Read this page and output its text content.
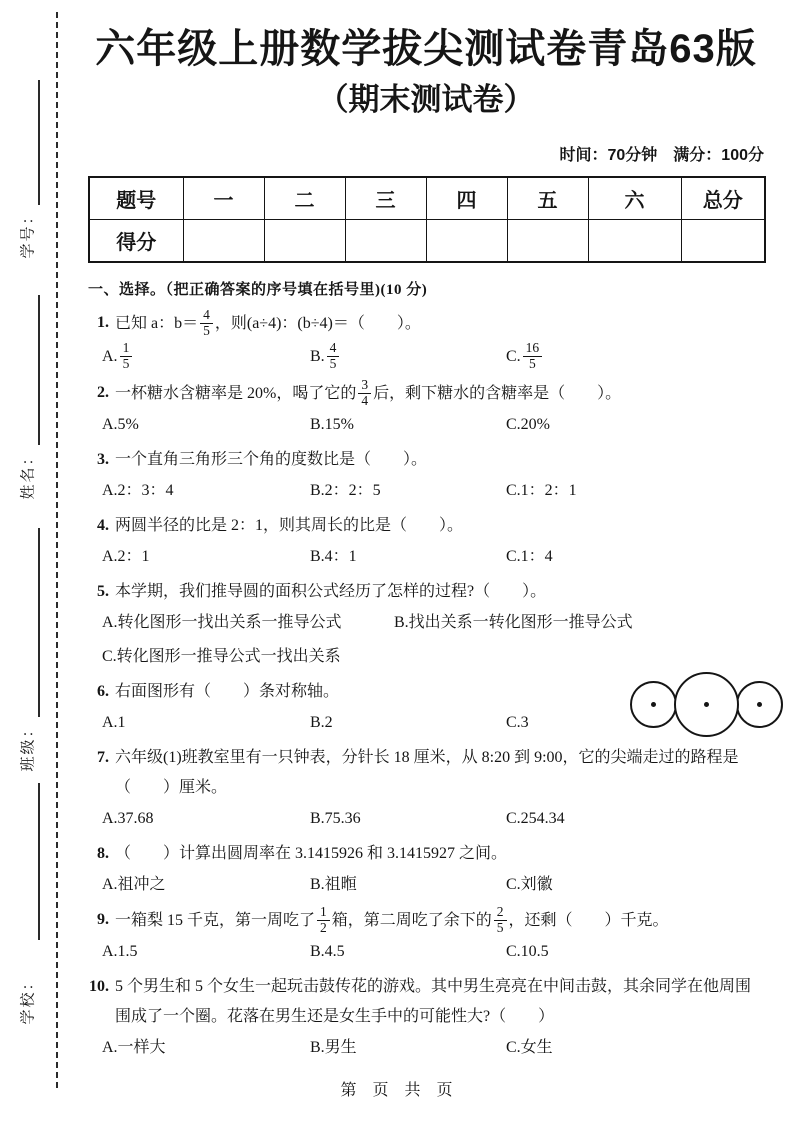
学号：
姓名：
班级：
学校：
六年级上册数学拔尖测试卷青岛63版
（期末测试卷）
时间：70分钟　满分：100分
题号	一	二	三	四	五	六	总分
得分							
一、选择。（把正确答案的序号填在括号里)(10 分)
1. 已知 a：$b= \frac{4}{5}$ ，则(a÷4)：(b÷4)＝（　　）。
A. $\frac{1}{5}$	B. $\frac{4}{5}$	C. $\frac{16}{5}$
2. 一杯糖水含糖率是 20%，喝了它的 $\frac{3}{4}$ 后，剩下糖水的含糖率是（　　）。
A.5%	B.15%	C.20%
3. 一个直角三角形三个角的度数比是（　　）。
A.2：3：4	B.2：2：5	C.1：2：1
4. 两圆半径的比是 2：1，则其周长的比是（　　）。
A.2：1	B.4：1	C.1：4
5. 本学期，我们推导圆的面积公式经历了怎样的过程?（　　）。
A.转化图形一找出关系一推导公式	B.找出关系一转化图形一推导公式
C.转化图形一推导公式一找出关系
6. 右面图形有（　　）条对称轴。
A.1	B.2	C.3
7. 六年级(1)班教室里有一只钟表，分针长 18 厘米，从 8:20 到 9:00，它的尖端走过的路程是（　　）厘米。
A.37.68	B.75.36	C.254.34
8. （　　）计算出圆周率在 3.1415926 和 3.1415927 之间。
A.祖冲之	B.祖暅	C.刘徽
9. 一箱梨 15 千克，第一周吃了 $\frac{1}{2}$ 箱，第二周吃了余下的 $\frac{2}{5}$ ，还剩（　　）千克。
A.1.5	B.4.5	C.10.5
10. 5 个男生和 5 个女生一起玩击鼓传花的游戏。其中男生亮亮在中间击鼓，其余同学在他周围围成了一个圈。花落在男生还是女生手中的可能性大?（　　）
A.一样大	B.男生	C.女生
第　页　共　页
